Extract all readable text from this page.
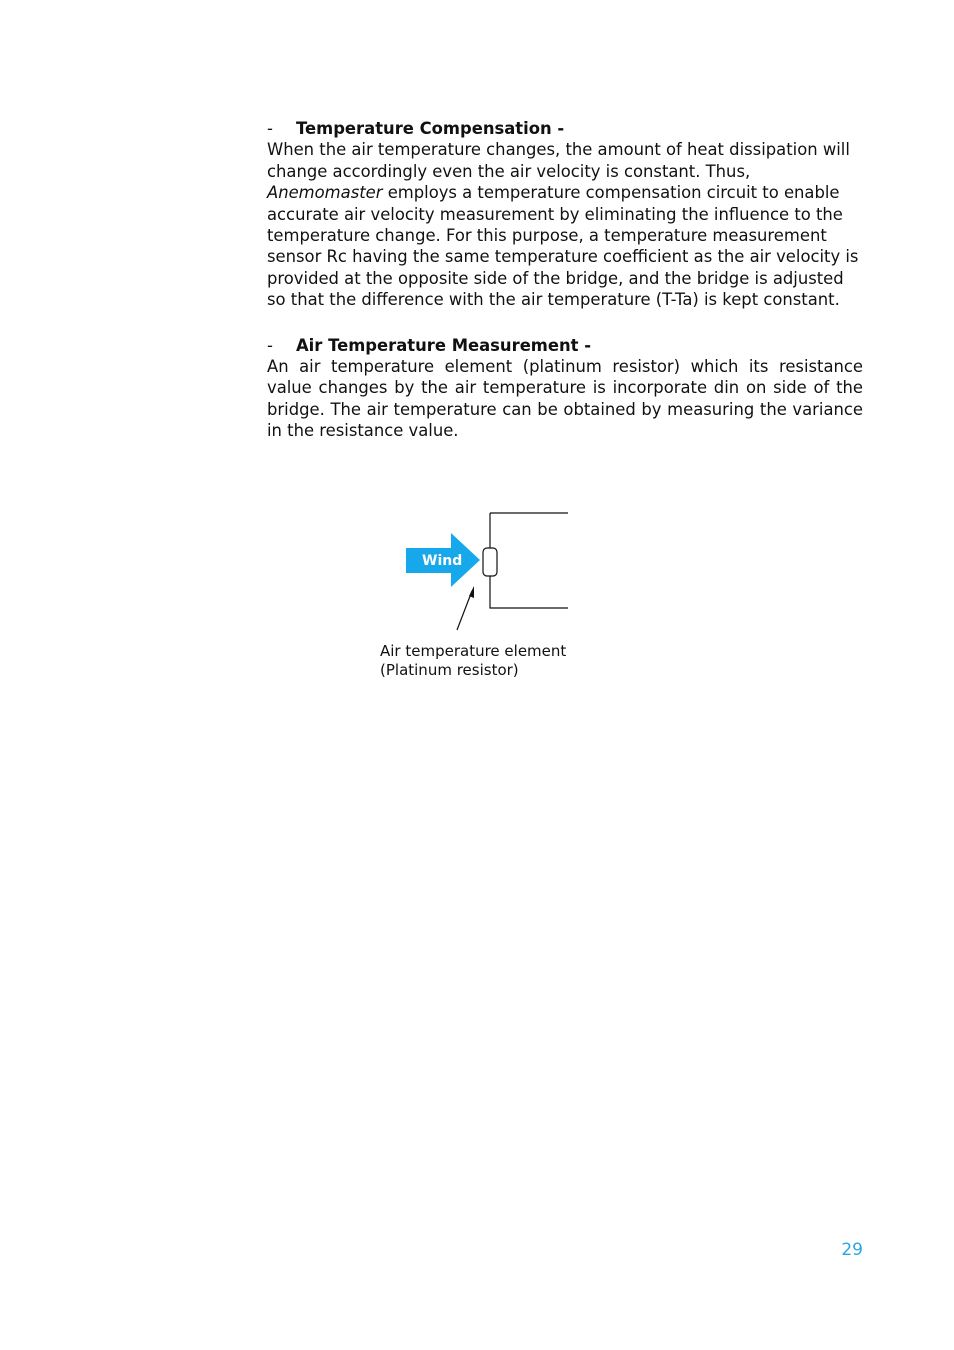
- Temperature Compensation -

When the air temperature changes, the amount of heat dissipation will change accordingly even the air velocity is constant. Thus, Anemomaster employs a temperature compensation circuit to enable accurate air velocity measurement by eliminating the influence to the temperature change. For this purpose, a temperature measurement sensor Rc having the same temperature coefficient as the air velocity is provided at the opposite side of the bridge, and the bridge is adjusted so that the difference with the air temperature (T-Ta) is kept constant.

- Air Temperature Measurement -

An air temperature element (platinum resistor) which its resistance value changes by the air temperature is incorporate din on side of the bridge. The air temperature can be obtained by measuring the variance in the resistance value.

Wind
Air temperature element
(Platinum resistor)
29
